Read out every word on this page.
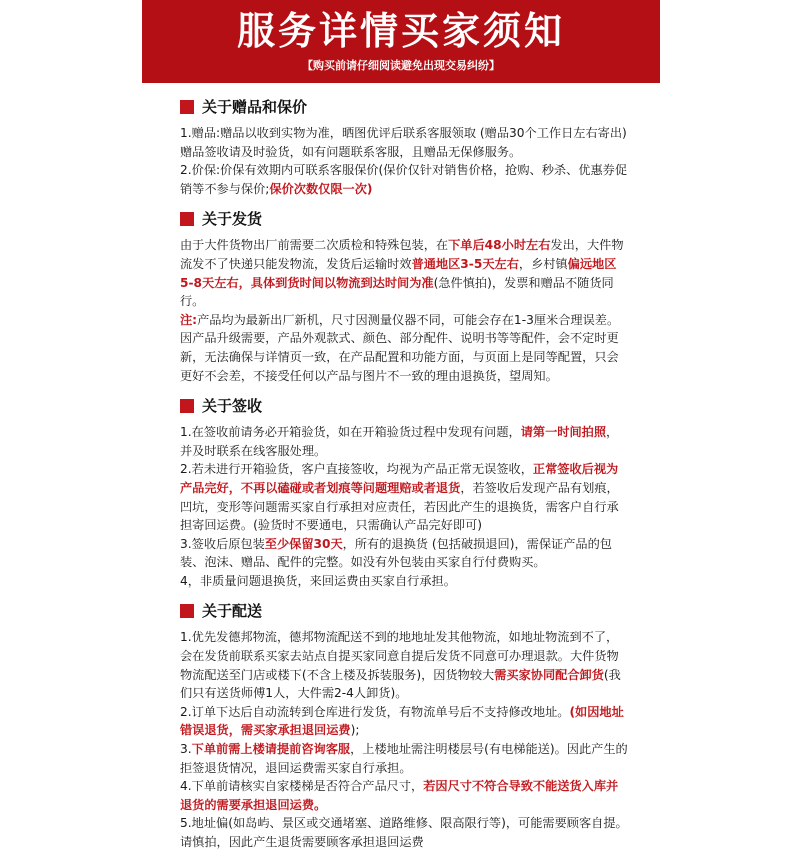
服务详情买家须知
【购买前请仔细阅读避免出现交易纠纷】
关于赠品和保价

1.赠品:赠品以收到实物为准，晒图优评后联系客服领取 (赠品30个工作日左右寄出)赠品签收请及时验货，如有问题联系客服，且赠品无保修服务。

2.价保:价保有效期内可联系客服保价(保价仅针对销售价格，抢购、秒杀、优惠券促销等不参与保价;保价次数仅限一次)

关于发货

由于大件货物出厂前需要二次质检和特殊包装，在下单后48小时左右发出，大件物流发不了快递只能发物流，发货后运输时效普通地区3-5天左右，乡村镇偏远地区5-8天左右，具体到货时间以物流到达时间为准(急件慎拍)，发票和赠品不随货同行。

注:产品均为最新出厂新机，尺寸因测量仪器不同，可能会存在1-3厘米合理误差。因产品升级需要，产品外观款式、颜色、部分配件、说明书等等配件，会不定时更新，无法确保与详情页一致，在产品配置和功能方面，与页面上是同等配置，只会更好不会差，不接受任何以产品与图片不一致的理由退换货，望周知。

关于签收

1.在签收前请务必开箱验货，如在开箱验货过程中发现有问题，请第一时间拍照，并及时联系在线客服处理。

2.若未进行开箱验货，客户直接签收，均视为产品正常无误签收，正常签收后视为产品完好，不再以磕碰或者划痕等问题理赔或者退货，若签收后发现产品有划痕，凹坑，变形等问题需买家自行承担对应责任，若因此产生的退换货，需客户自行承担寄回运费。(验货时不要通电，只需确认产品完好即可)

3.签收后原包装至少保留30天，所有的退换货 (包括破损退回)，需保证产品的包装、泡沫、赠品、配件的完整。如没有外包装由买家自行付费购买。

4，非质量问题退换货，来回运费由买家自行承担。

关于配送

1.优先发德邦物流，德邦物流配送不到的地地址发其他物流，如地址物流到不了，会在发货前联系买家去站点自提买家同意自提后发货不同意可办理退款。大件货物物流配送至门店或楼下(不含上楼及拆装服务)，因货物较大需买家协同配合卸货(我们只有送货师傅1人，大件需2-4人卸货)。

2.订单下达后自动流转到仓库进行发货，有物流单号后不支持修改地址。(如因地址错误退货，需买家承担退回运费);

3.下单前需上楼请提前咨询客服，上楼地址需注明楼层号(有电梯能送)。因此产生的拒签退货情况，退回运费需买家自行承担。

4.下单前请核实自家楼梯是否符合产品尺寸，若因尺寸不符合导致不能送货入库并退货的需要承担退回运费。

5.地址偏(如岛屿、景区或交通堵塞、道路维修、限高限行等)，可能需要顾客自提。请慎拍，因此产生退货需要顾客承担退回运费
